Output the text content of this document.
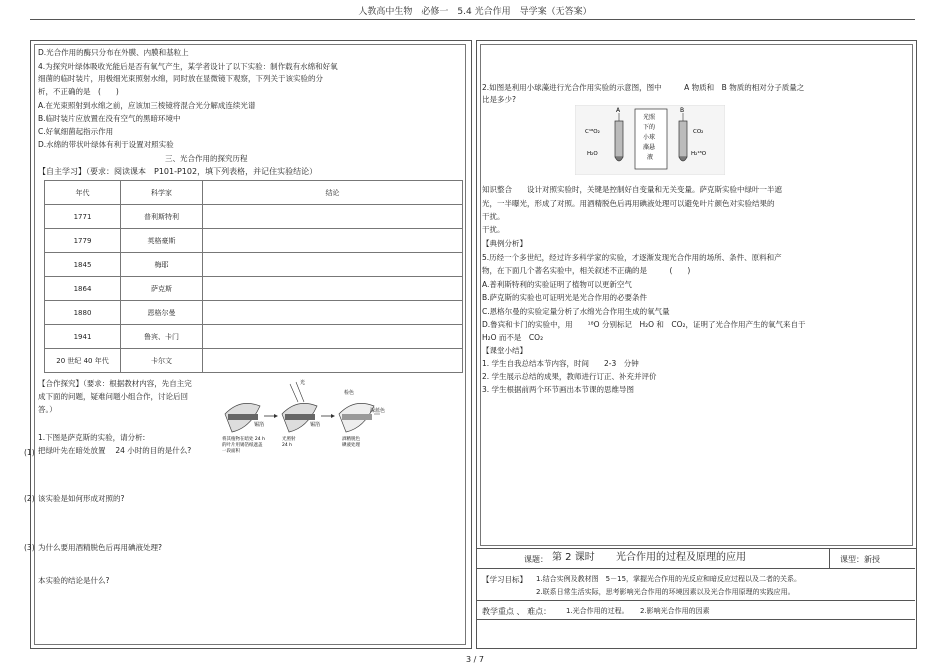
人教高中生物　必修一　5.4 光合作用　导学案（无答案）
D.光合作用的酶只分布在外膜、内膜和基粒上
4.为探究叶绿体吸收光能后是否有氧气产生，某学者设计了以下实验：制作载有水绵和好氧
细菌的临时装片，用极细光束照射水绵，同时放在显微镜下观察，下列关于该实验的分
析，不正确的是　(　　)
A.在光束照射到水绵之前，应该加三棱镜将混合光分解成连续光谱
B.临时装片应放置在没有空气的黑暗环境中
C.好氧细菌起指示作用
D.水绵的带状叶绿体有利于设置对照实验
三、光合作用的探究历程
【自主学习】（要求：阅读课本　P101-P102，填下列表格，并记住实验结论）
年代	科学家	结论
1771	普利斯特利	
1779	英格豪斯	
1845	梅耶	
1864	萨克斯	
1880	恩格尔曼	
1941	鲁宾、卡门	
20 世纪 40 年代	卡尔文	
【合作探究】（要求：根据教材内容，先自主完
成下面的问题，疑难问题小组合作，讨论后回
答。）
1.下图是萨克斯的实验，请分析:
(1) 把绿叶先在暗处放置　 24 小时的目的是什么?
(2) 该实验是如何形成对照的?
(3) 为什么要用酒精脱色后再用碘液处理?
本实验的结论是什么?
光
锡箔	锡箔
检色
深蓝色
将其植物在暗处 24 h
的叶片用锡箔纸遮盖
一段面积
光照射
24 h
酒精脱色
碘液处理
2.如图是利用小球藻进行光合作用实验的示意图，图中　　　A 物质和　B 物质的相对分子质量之
比是多少?
A	B
光照
下的
小球
藻悬
液
C¹⁸O₂
H₂O
CO₂
H₂¹⁸O
知识整合　　设计对照实验时，关键是控制好自变量和无关变量。萨克斯实验中绿叶一半遮
光，一半曝光，形成了对照。用酒精脱色后再用碘液处理可以避免叶片颜色对实验结果的
干扰。
干扰。
【典例分析】
5.历经一个多世纪，经过许多科学家的实验，才逐渐发现光合作用的场所、条件、原料和产
物，在下面几个著名实验中，相关叙述不正确的是　　　(　　)
A.普利斯特利的实验证明了植物可以更新空气
B.萨克斯的实验也可证明光是光合作用的必要条件
C.恩格尔曼的实验定量分析了水绵光合作用生成的氧气量
D.鲁宾和卡门的实验中，用　　¹⁸O 分别标记　H₂O 和　CO₂，证明了光合作用产生的氧气来自于
H₂O 而不是　CO₂
【课堂小结】
1. 学生自我总结本节内容，时间　　2-3　分钟
2. 学生展示总结的成果，教师进行订正、补充并评价
3. 学生根据前两个环节画出本节课的思维导图
课题： 第 2 课时 光合作用的过程及原理的应用	课型：新授
【学习目标】 1.结合实例及教材图　5－15，掌握光合作用的光反应和暗反应过程以及二者的关系。
2.联系日常生活实际，思考影响光合作用的环境因素以及光合作用原理的实践应用。
教学重点 、 难点： 1.光合作用的过程。 2.影响光合作用的因素
3 / 7
